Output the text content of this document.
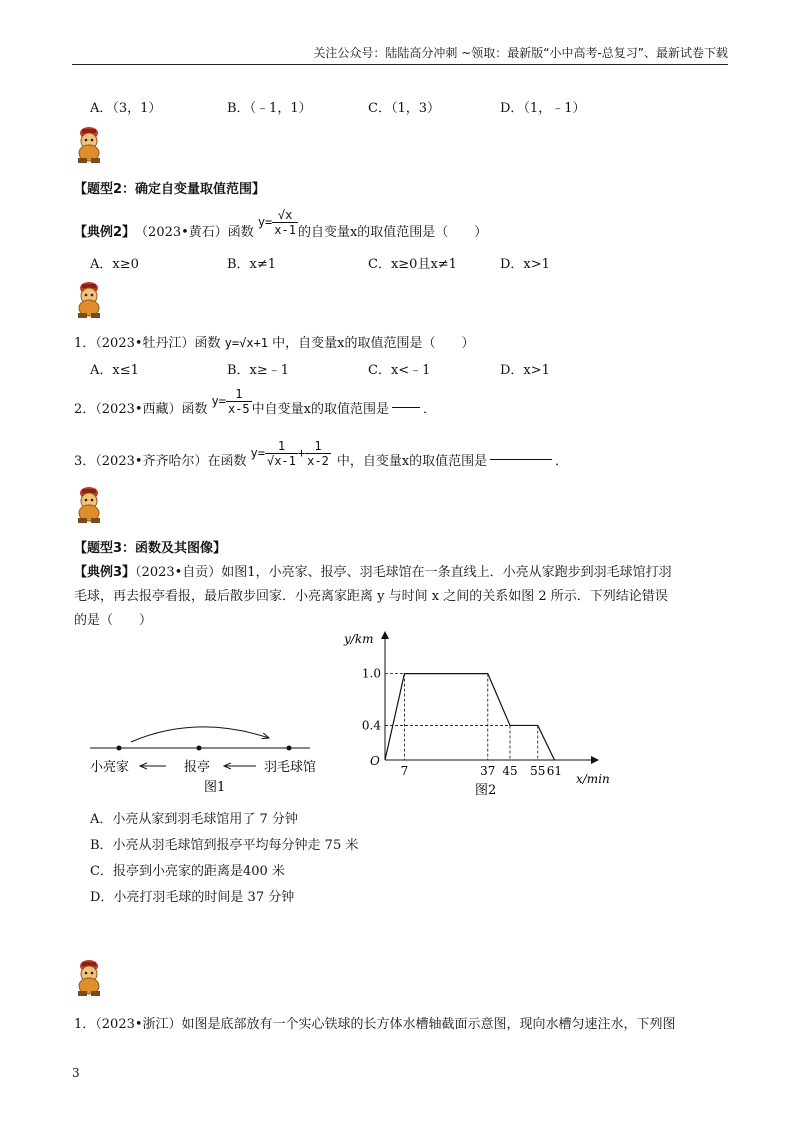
关注公众号：陆陆高分冲刺 ~领取：最新版“小中高考-总复习”、最新试卷下载
A．（3，1）	B．（﹣1，1）	C．（1，3）	D．（1，﹣1）
【题型2：确定自变量取值范围】
【典例2】 （2023•黄石）函数
$y= \frac{√x}{x-1}$ 的自变量x的取值范围是（　　）
A．x≥0	B．x≠1	C．x≥0且x≠1	D．x>1
1．（2023•牡丹江）函数 y=√x+1 中，自变量x的取值范围是（　　）
A．x≤1	B．x≥﹣1	C．x<﹣1	D．x>1
2．（2023•西藏）函数
$y= \frac{1}{x-5}$ 中自变量x的取值范围是	．
3．（2023•齐齐哈尔）在函数
$y= \frac{1}{√x-1} + \frac{1}{x-2}$ 中，自变量x的取值范围是	．
【题型3：函数及其图像】
【典例3】（2023•自贡）如图1，小亮家、报亭、羽毛球馆在一条直线上．小亮从家跑步到羽毛球馆打羽
毛球，再去报亭看报，最后散步回家．小亮离家距离 y 与时间 x 之间的关系如图 2 所示．下列结论错误
的是（　　）
小亮家	报亭	羽毛球馆
图1
y/km
x/min
O
0.4
1.0
7	37 45 55 61
图2
A．小亮从家到羽毛球馆用了 7 分钟
B．小亮从羽毛球馆到报亭平均每分钟走 75 米
C．报亭到小亮家的距离是400 米
D．小亮打羽毛球的时间是 37 分钟
1．（2023•浙江）如图是底部放有一个实心铁球的长方体水槽轴截面示意图，现向水槽匀速注水，下列图
3
